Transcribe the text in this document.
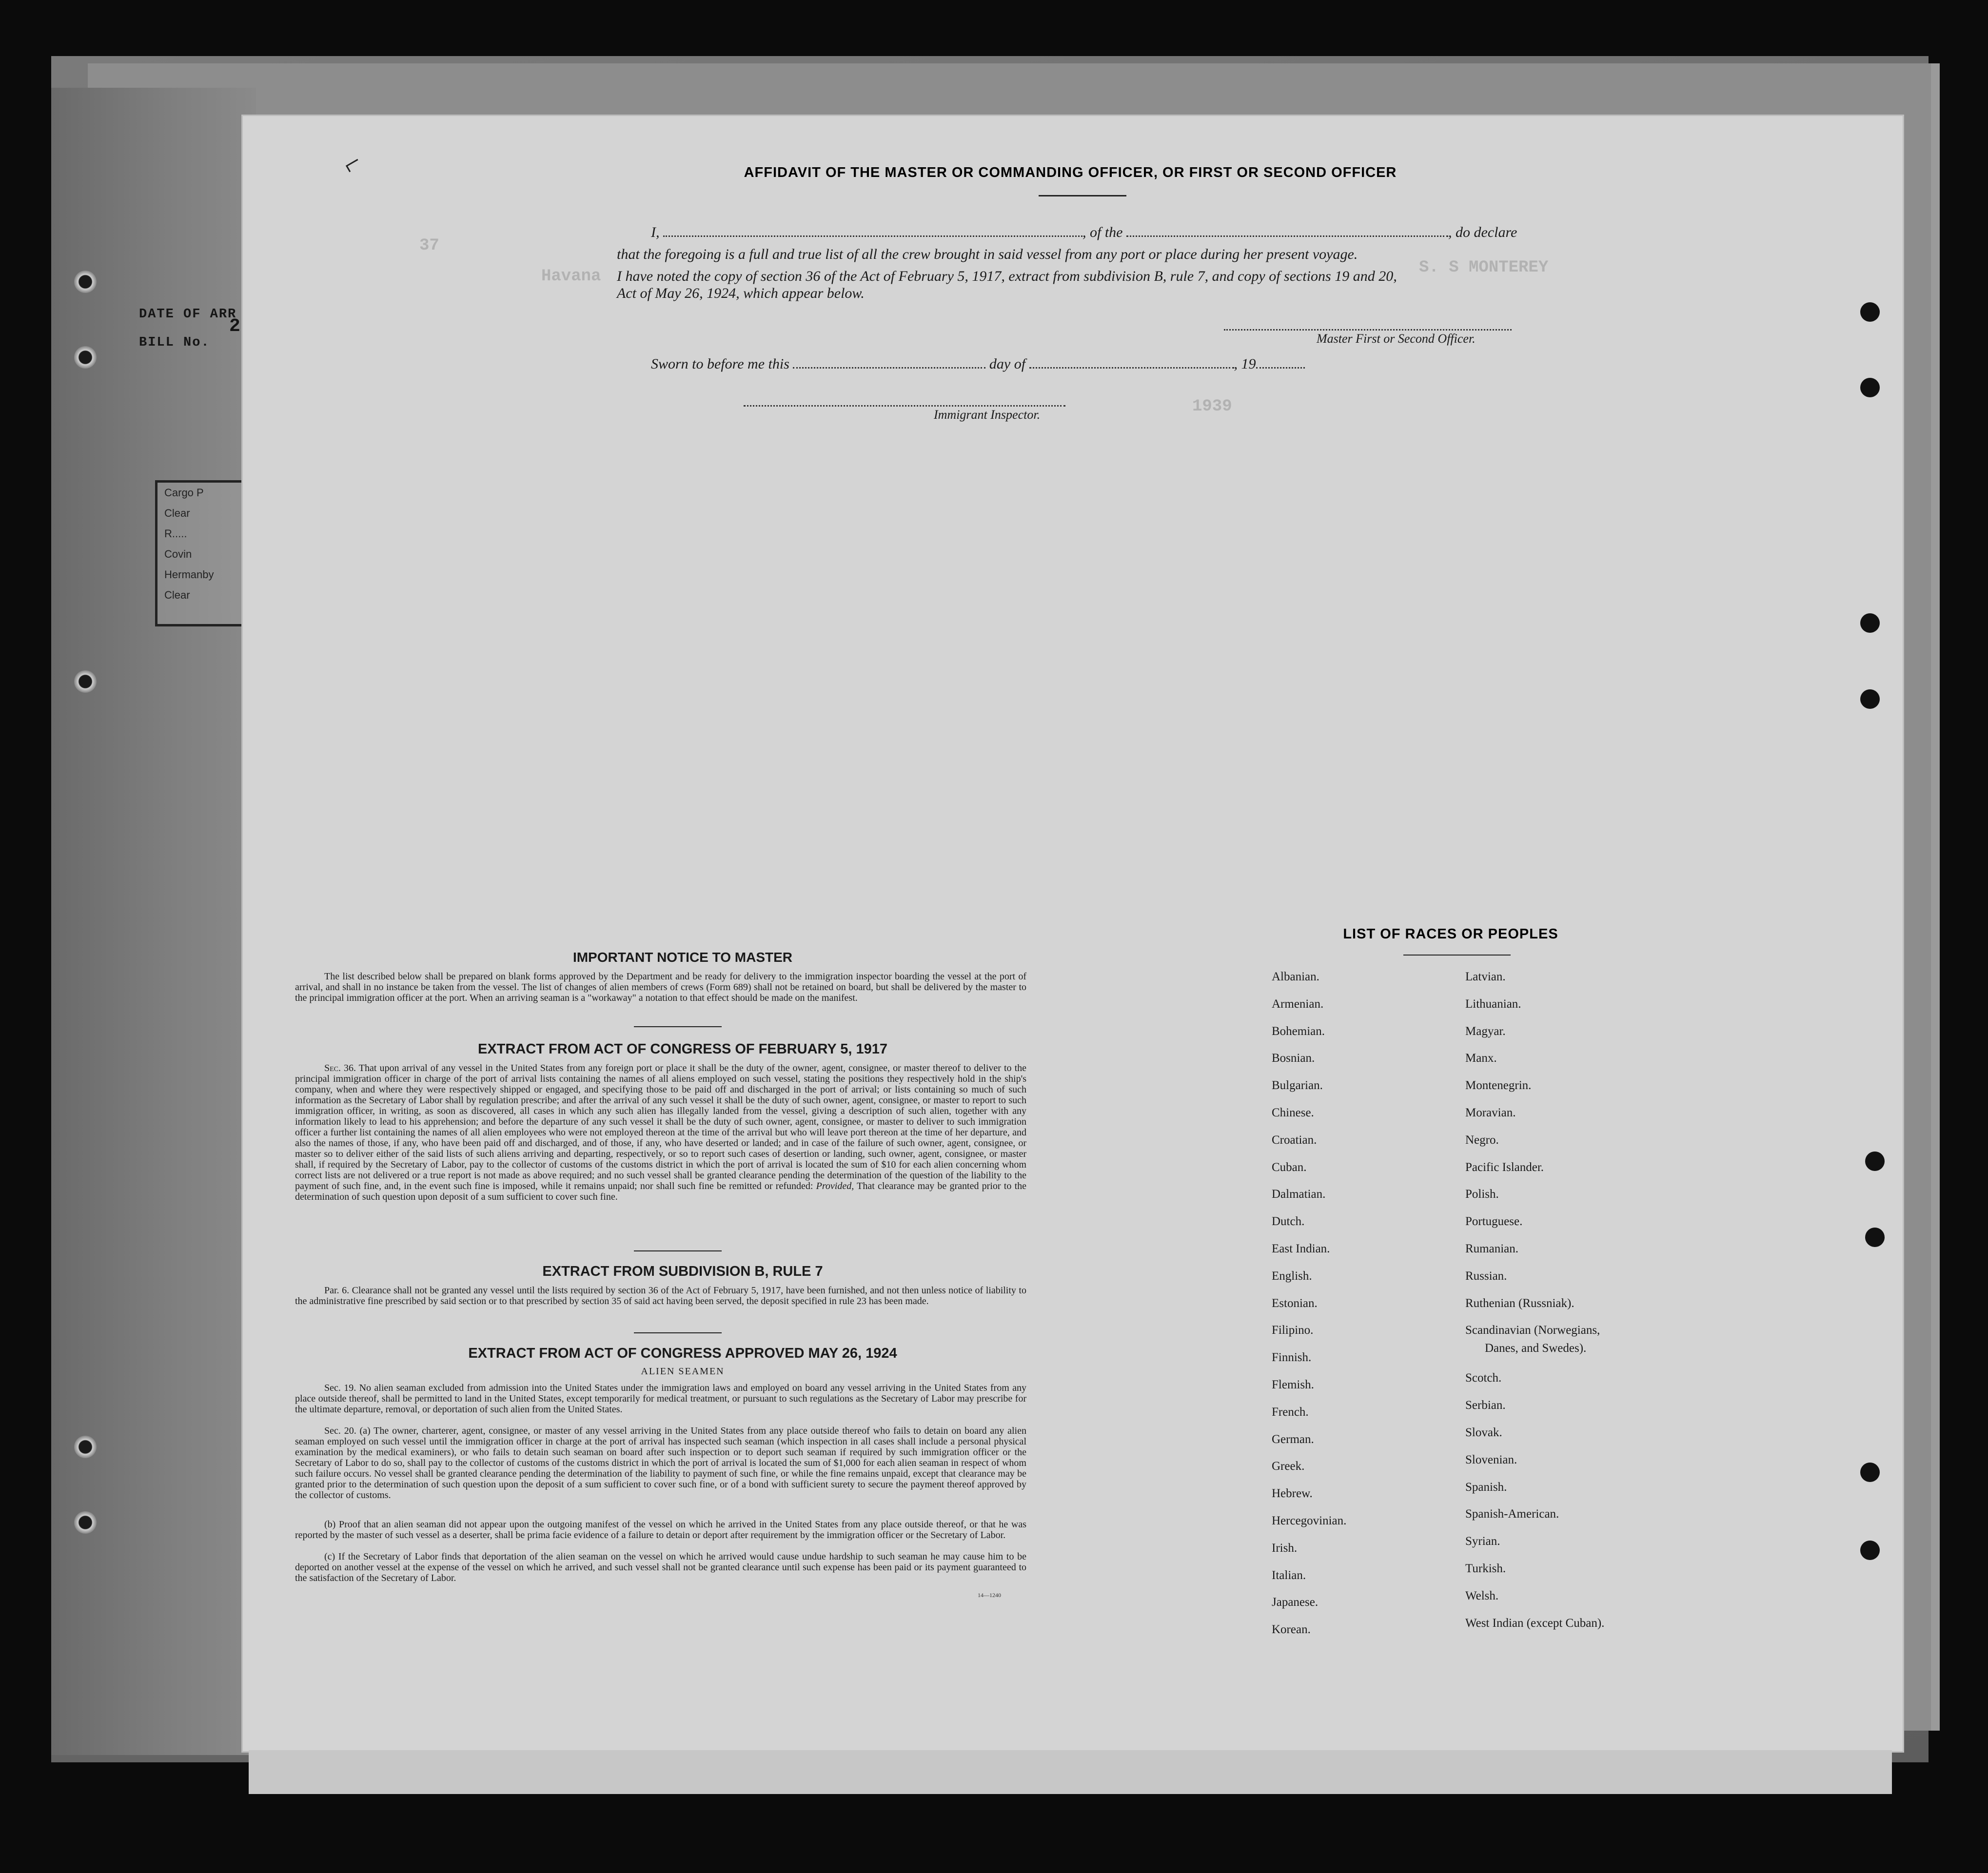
DATE OF ARR
2
BILL No.
Cargo P
Clear
R.....
Covin
Hermanby
Clear
37
S. S MONTEREY
Havana
1939
AFFIDAVIT OF THE MASTER OR COMMANDING OFFICER, OR FIRST OR SECOND OFFICER
I,	, of the	, do declare
that the foregoing is a full and true list of all the crew brought in said vessel from any port or place during her present voyage.
I have noted the copy of section 36 of the Act of February 5, 1917, extract from subdivision B, rule 7, and copy of sections 19 and 20,
Act of May 26, 1924, which appear below.
Master First or Second Officer.
Sworn to before me this	day of	, 19
Immigrant Inspector.
IMPORTANT NOTICE TO MASTER
The list described below shall be prepared on blank forms approved by the Department and be ready for delivery to the immigration inspector boarding the vessel at the port of arrival, and shall in no instance be taken from the vessel. The list of changes of alien members of crews (Form 689) shall not be retained on board, but shall be delivered by the master to the principal immigration officer at the port. When an arriving seaman is a "workaway" a notation to that effect should be made on the manifest.
EXTRACT FROM ACT OF CONGRESS OF FEBRUARY 5, 1917
Sec. 36. That upon arrival of any vessel in the United States from any foreign port or place it shall be the duty of the owner, agent, consignee, or master thereof to deliver to the principal immigration officer in charge of the port of arrival lists containing the names of all aliens employed on such vessel, stating the positions they respectively hold in the ship's company, when and where they were respectively shipped or engaged, and specifying those to be paid off and discharged in the port of arrival; or lists containing so much of such information as the Secretary of Labor shall by regulation prescribe; and after the arrival of any such vessel it shall be the duty of such owner, agent, consignee, or master to report to such immigration officer, in writing, as soon as discovered, all cases in which any such alien has illegally landed from the vessel, giving a description of such alien, together with any information likely to lead to his apprehension; and before the departure of any such vessel it shall be the duty of such owner, agent, consignee, or master to deliver to such immigration officer a further list containing the names of all alien employees who were not employed thereon at the time of the arrival but who will leave port thereon at the time of her departure, and also the names of those, if any, who have been paid off and discharged, and of those, if any, who have deserted or landed; and in case of the failure of such owner, agent, consignee, or master so to deliver either of the said lists of such aliens arriving and departing, respectively, or so to report such cases of desertion or landing, such owner, agent, consignee, or master shall, if required by the Secretary of Labor, pay to the collector of customs of the customs district in which the port of arrival is located the sum of $10 for each alien concerning whom correct lists are not delivered or a true report is not made as above required; and no such vessel shall be granted clearance pending the determination of the question of the liability to the payment of such fine, and, in the event such fine is imposed, while it remains unpaid; nor shall such fine be remitted or refunded: Provided, That clearance may be granted prior to the determination of such question upon deposit of a sum sufficient to cover such fine.
EXTRACT FROM SUBDIVISION B, RULE 7
Par. 6. Clearance shall not be granted any vessel until the lists required by section 36 of the Act of February 5, 1917, have been furnished, and not then unless notice of liability to the administrative fine prescribed by said section or to that prescribed by section 35 of said act having been served, the deposit specified in rule 23 has been made.
EXTRACT FROM ACT OF CONGRESS APPROVED MAY 26, 1924
ALIEN SEAMEN
Sec. 19. No alien seaman excluded from admission into the United States under the immigration laws and employed on board any vessel arriving in the United States from any place outside thereof, shall be permitted to land in the United States, except temporarily for medical treatment, or pursuant to such regulations as the Secretary of Labor may prescribe for the ultimate departure, removal, or deportation of such alien from the United States.
Sec. 20. (a) The owner, charterer, agent, consignee, or master of any vessel arriving in the United States from any place outside thereof who fails to detain on board any alien seaman employed on such vessel until the immigration officer in charge at the port of arrival has inspected such seaman (which inspection in all cases shall include a personal physical examination by the medical examiners), or who fails to detain such seaman on board after such inspection or to deport such seaman if required by such immigration officer or the Secretary of Labor to do so, shall pay to the collector of customs of the customs district in which the port of arrival is located the sum of $1,000 for each alien seaman in respect of whom such failure occurs. No vessel shall be granted clearance pending the determination of the liability to payment of such fine, or while the fine remains unpaid, except that clearance may be granted prior to the determination of such question upon the deposit of a sum sufficient to cover such fine, or of a bond with sufficient surety to secure the payment thereof approved by the collector of customs.
(b) Proof that an alien seaman did not appear upon the outgoing manifest of the vessel on which he arrived in the United States from any place outside thereof, or that he was reported by the master of such vessel as a deserter, shall be prima facie evidence of a failure to detain or deport after requirement by the immigration officer or the Secretary of Labor.
(c) If the Secretary of Labor finds that deportation of the alien seaman on the vessel on which he arrived would cause undue hardship to such seaman he may cause him to be deported on another vessel at the expense of the vessel on which he arrived, and such vessel shall not be granted clearance until such expense has been paid or its payment guaranteed to the satisfaction of the Secretary of Labor.
14—1240
LIST OF RACES OR PEOPLES
Albanian.
Armenian.
Bohemian.
Bosnian.
Bulgarian.
Chinese.
Croatian.
Cuban.
Dalmatian.
Dutch.
East Indian.
English.
Estonian.
Filipino.
Finnish.
Flemish.
French.
German.
Greek.
Hebrew.
Hercegovinian.
Irish.
Italian.
Japanese.
Korean.
Latvian.
Lithuanian.
Magyar.
Manx.
Montenegrin.
Moravian.
Negro.
Pacific Islander.
Polish.
Portuguese.
Rumanian.
Russian.
Ruthenian (Russniak).
Scandinavian (Norwegians,
Scotch.
Serbian.
Slovak.
Slovenian.
Spanish.
Spanish-American.
Syrian.
Turkish.
Welsh.
West Indian (except Cuban).
Danes, and Swedes).
⌐
